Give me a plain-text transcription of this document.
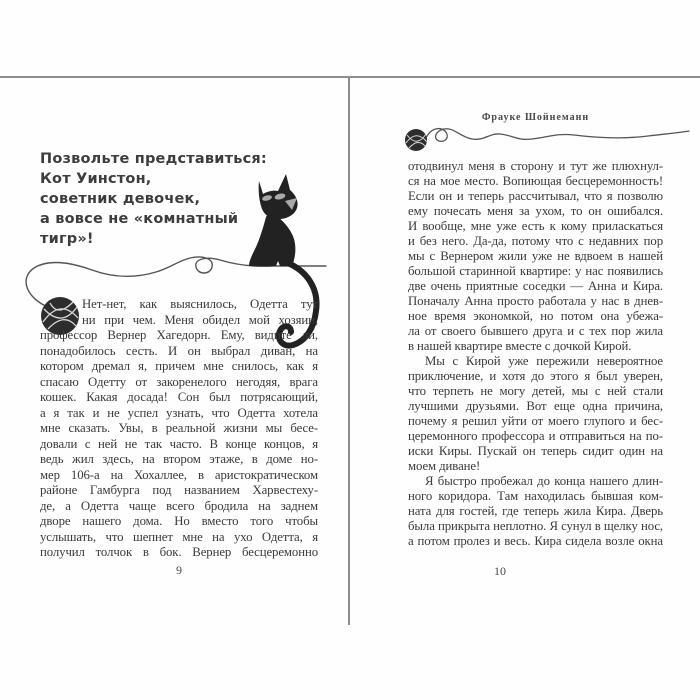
Позвольте представиться:
Кот Уинстон,
советник девочек,
а вовсе не «комнатный
тигр»!
Нет-нет, как выяснилось, Одетта тут
ни при чем. Меня обидел мой хозяин,
профессор Вернер Хагедорн. Ему, видите ли,
понадобилось сесть. И он выбрал диван, на
котором дремал я, причем мне снилось, как я
спасаю Одетту от закоренелого негодяя, врага
кошек. Какая досада! Сон был потрясающий,
а я так и не успел узнать, что Одетта хотела
мне сказать. Увы, в реальной жизни мы бесе-
довали с ней не так часто. В конце концов, я
ведь жил здесь, на втором этаже, в доме но-
мер 106-а на Хохаллее, в аристократическом
районе Гамбурга под названием Харвестеху-
де, а Одетта чаще всего бродила на заднем
дворе нашего дома. Но вместо того чтобы
услышать, что шепнет мне на ухо Одетта, я
получил толчок в бок. Вернер бесцеремонно
9
Фрауке Шойнеманн
отодвинул меня в сторону и тут же плюхнул-
ся на мое место. Вопиющая бесцеремонность!
Если он и теперь рассчитывал, что я позволю
ему почесать меня за ухом, то он ошибался.
И вообще, мне уже есть к кому приласкаться
и без него. Да-да, потому что с недавних пор
мы с Вернером жили уже не вдвоем в нашей
большой старинной квартире: у нас появились
две очень приятные соседки — Анна и Кира.
Поначалу Анна просто работала у нас в днев-
ное время экономкой, но потом она убежа-
ла от своего бывшего друга и с тех пор жила
в нашей квартире вместе с дочкой Кирой.
Мы с Кирой уже пережили невероятное
приключение, и хотя до этого я был уверен,
что терпеть не могу детей, мы с ней стали
лучшими друзьями. Вот еще одна причина,
почему я решил уйти от моего глупого и бес-
церемонного профессора и отправиться на по-
иски Киры. Пускай он теперь сидит один на
моем диване!
Я быстро пробежал до конца нашего длин-
ного коридора. Там находилась бывшая ком-
ната для гостей, где теперь жила Кира. Дверь
была прикрыта неплотно. Я сунул в щелку нос,
а потом пролез и весь. Кира сидела возле окна
10
